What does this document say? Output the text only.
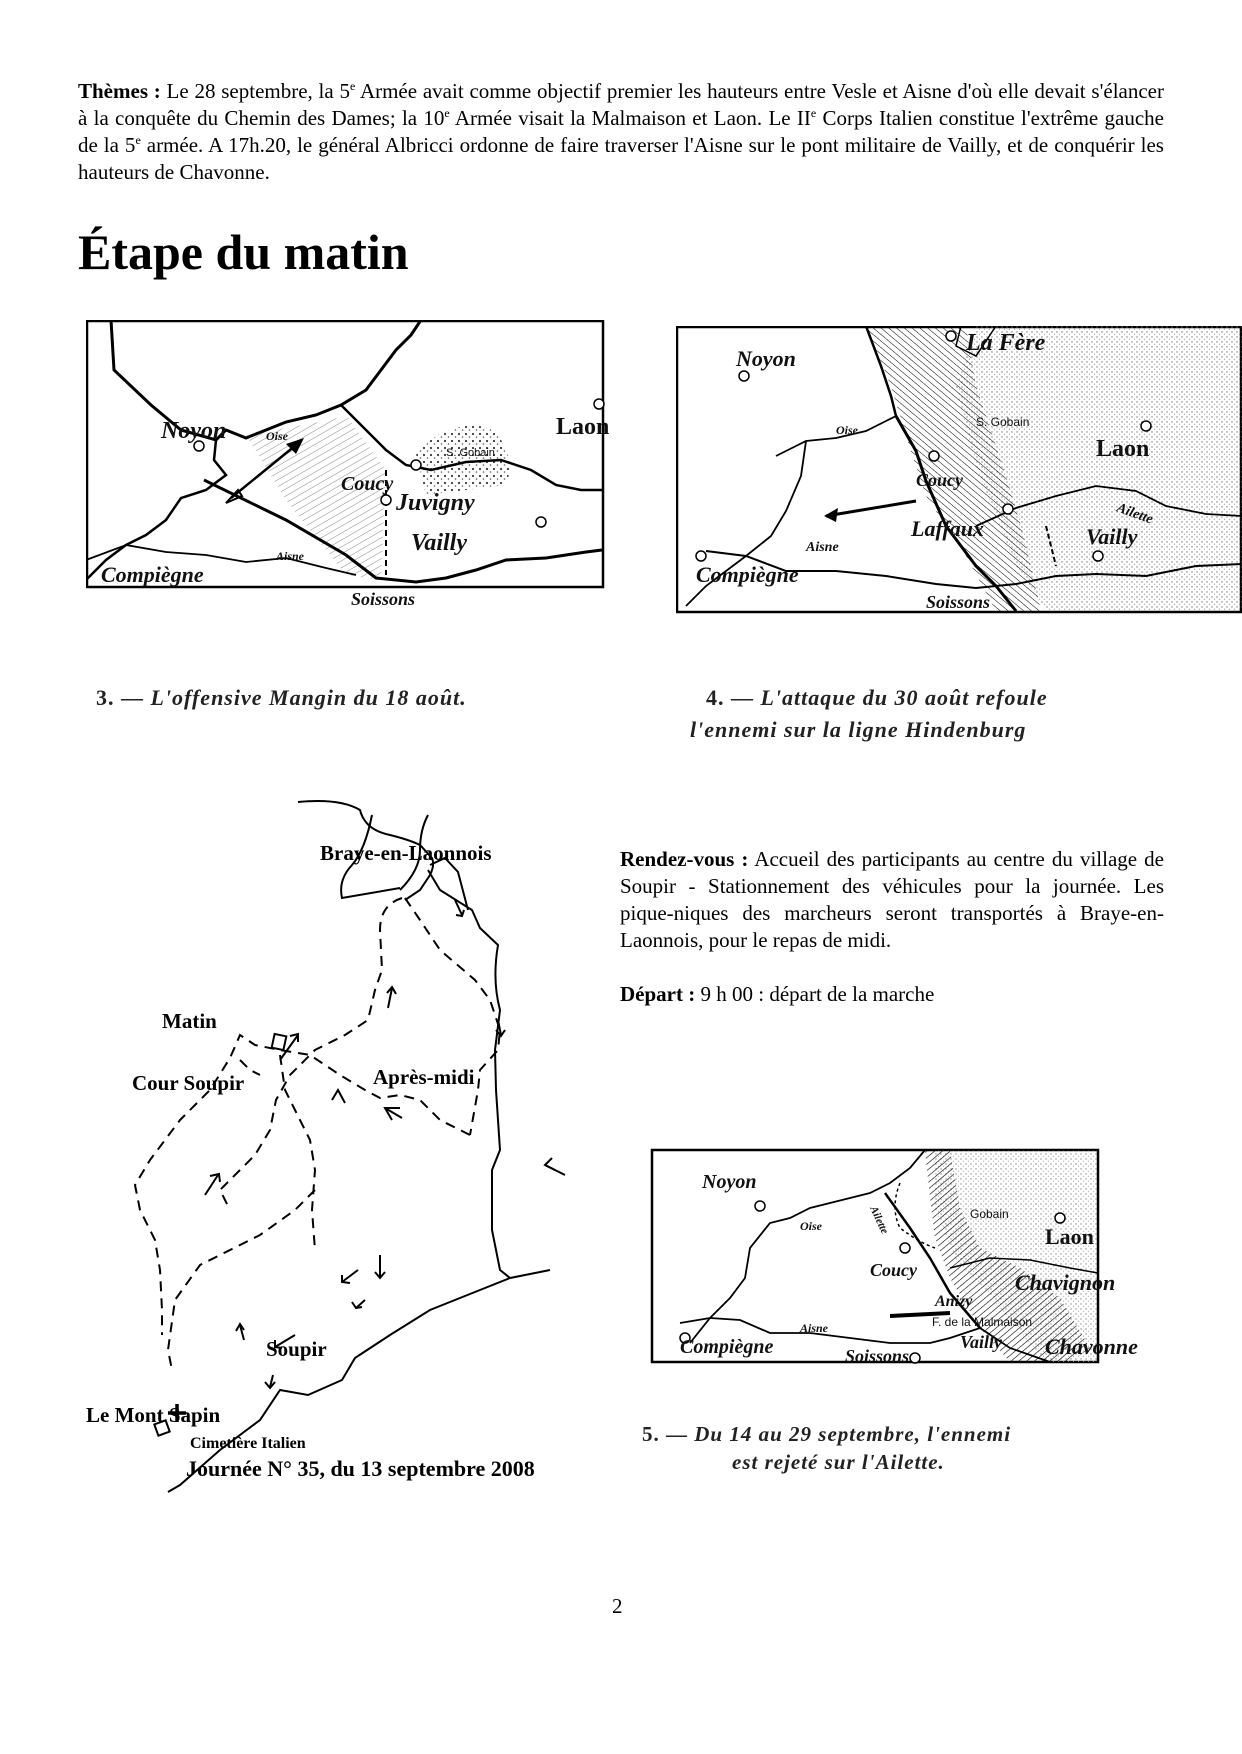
Thèmes : Le 28 septembre, la 5e Armée avait comme objectif premier les hauteurs entre Vesle et Aisne d'où elle devait s'élancer à la conquête du Chemin des Dames; la 10e Armée visait la Malmaison et Laon. Le IIe Corps Italien constitue l'extrême gauche de la 5e armée. A 17h.20, le général Albricci ordonne de faire traverser l'Aisne sur le pont militaire de Vailly, et de conquérir les hauteurs de Chavonne.
Étape du matin
Noyon	Oise
S. Gobain
Laon
Coucy
Juvigny
Vailly
Aisne
Compiègne
Soissons
3. — L'offensive Mangin du 18 août.
La Fère
Noyon
Oise
S. Gobain
Laon
Coucy
Ailette
Laffaux	Vailly
Aisne
Compiègne
Soissons
4. — L'attaque du 30 août refoule
l'ennemi sur la ligne Hindenburg
Braye-en-Laonnois
Matin
Cour Soupir	Après-midi
Soupir
Le Mont Sapin
Cimetière Italien
Journée N° 35, du 13 septembre 2008

Rendez-vous : Accueil des participants au centre du village de Soupir - Stationnement des véhicules pour la journée. Les pique-niques des marcheurs seront transportés à Braye-en-Laonnois, pour le repas de midi.

Départ : 9 h 00 : départ de la marche

Noyon
Oise	Ailette	Gobain
Laon
Coucy	Chavignon
Anizy
F. de la Malmaison
Vailly
Aisne
Compiègne	Soissons	Chavonne
5. — Du 14 au 29 septembre, l'ennemi
est rejeté sur l'Ailette.
2
